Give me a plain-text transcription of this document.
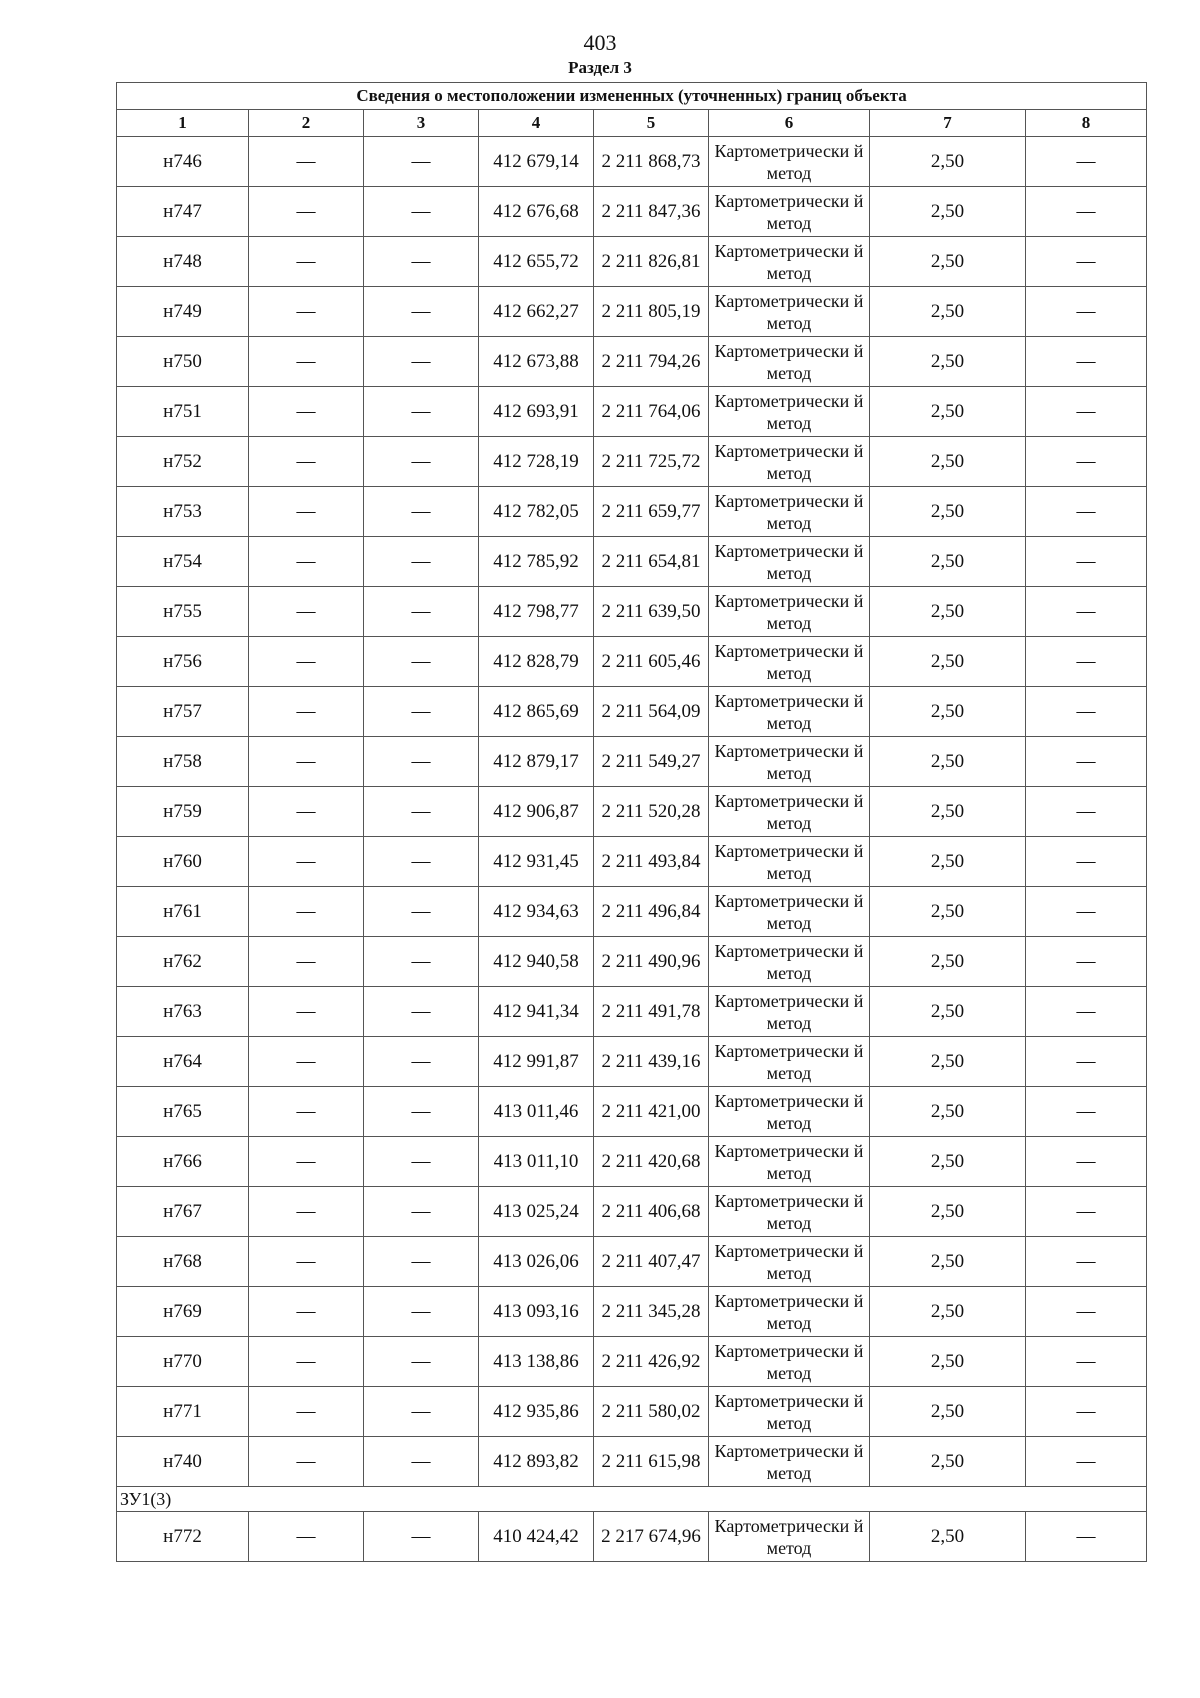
403
Раздел 3
Сведения о местоположении измененных (уточненных) границ объекта							
1	2	3	4	5	6	7	8
н746	—	—	412 679,14	2 211 868,73	Картометрически й метод	2,50	—
н747	—	—	412 676,68	2 211 847,36	Картометрически й метод	2,50	—
н748	—	—	412 655,72	2 211 826,81	Картометрически й метод	2,50	—
н749	—	—	412 662,27	2 211 805,19	Картометрически й метод	2,50	—
н750	—	—	412 673,88	2 211 794,26	Картометрически й метод	2,50	—
н751	—	—	412 693,91	2 211 764,06	Картометрически й метод	2,50	—
н752	—	—	412 728,19	2 211 725,72	Картометрически й метод	2,50	—
н753	—	—	412 782,05	2 211 659,77	Картометрически й метод	2,50	—
н754	—	—	412 785,92	2 211 654,81	Картометрически й метод	2,50	—
н755	—	—	412 798,77	2 211 639,50	Картометрически й метод	2,50	—
н756	—	—	412 828,79	2 211 605,46	Картометрически й метод	2,50	—
н757	—	—	412 865,69	2 211 564,09	Картометрически й метод	2,50	—
н758	—	—	412 879,17	2 211 549,27	Картометрически й метод	2,50	—
н759	—	—	412 906,87	2 211 520,28	Картометрически й метод	2,50	—
н760	—	—	412 931,45	2 211 493,84	Картометрически й метод	2,50	—
н761	—	—	412 934,63	2 211 496,84	Картометрически й метод	2,50	—
н762	—	—	412 940,58	2 211 490,96	Картометрически й метод	2,50	—
н763	—	—	412 941,34	2 211 491,78	Картометрически й метод	2,50	—
н764	—	—	412 991,87	2 211 439,16	Картометрически й метод	2,50	—
н765	—	—	413 011,46	2 211 421,00	Картометрически й метод	2,50	—
н766	—	—	413 011,10	2 211 420,68	Картометрически й метод	2,50	—
н767	—	—	413 025,24	2 211 406,68	Картометрически й метод	2,50	—
н768	—	—	413 026,06	2 211 407,47	Картометрически й метод	2,50	—
н769	—	—	413 093,16	2 211 345,28	Картометрически й метод	2,50	—
н770	—	—	413 138,86	2 211 426,92	Картометрически й метод	2,50	—
н771	—	—	412 935,86	2 211 580,02	Картометрически й метод	2,50	—
н740	—	—	412 893,82	2 211 615,98	Картометрически й метод	2,50	—
ЗУ1(3)							
н772	—	—	410 424,42	2 217 674,96	Картометрически й метод	2,50	—
